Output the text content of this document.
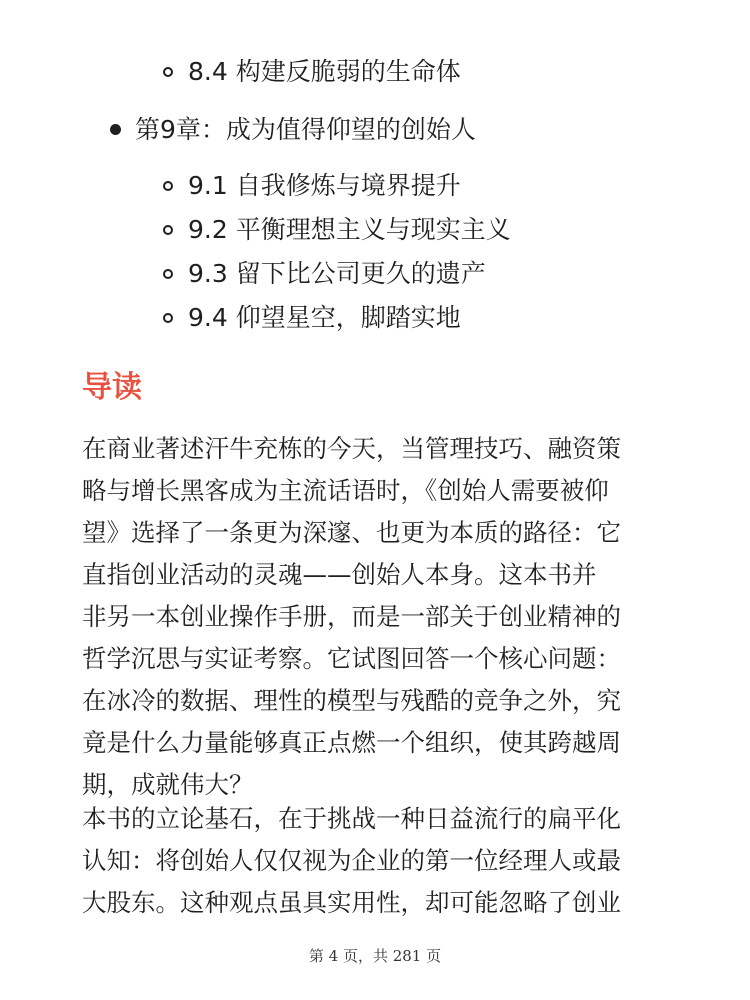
8.4 构建反脆弱的生命体
第9章：成为值得仰望的创始人
9.1 自我修炼与境界提升
9.2 平衡理想主义与现实主义
9.3 留下比公司更久的遗产
9.4 仰望星空，脚踏实地
导读
在商业著述汗牛充栋的今天，当管理技巧、融资策
略与增长黑客成为主流话语时，《创始人需要被仰
望》选择了一条更为深邃、也更为本质的路径：它
直指创业活动的灵魂——创始人本身。这本书并
非另一本创业操作手册，而是一部关于创业精神的
哲学沉思与实证考察。它试图回答一个核心问题：
在冰冷的数据、理性的模型与残酷的竞争之外，究
竟是什么力量能够真正点燃一个组织，使其跨越周
期，成就伟大？
本书的立论基石，在于挑战一种日益流行的扁平化
认知：将创始人仅仅视为企业的第一位经理人或最
大股东。这种观点虽具实用性，却可能忽略了创业
第 4 页，共 281 页
